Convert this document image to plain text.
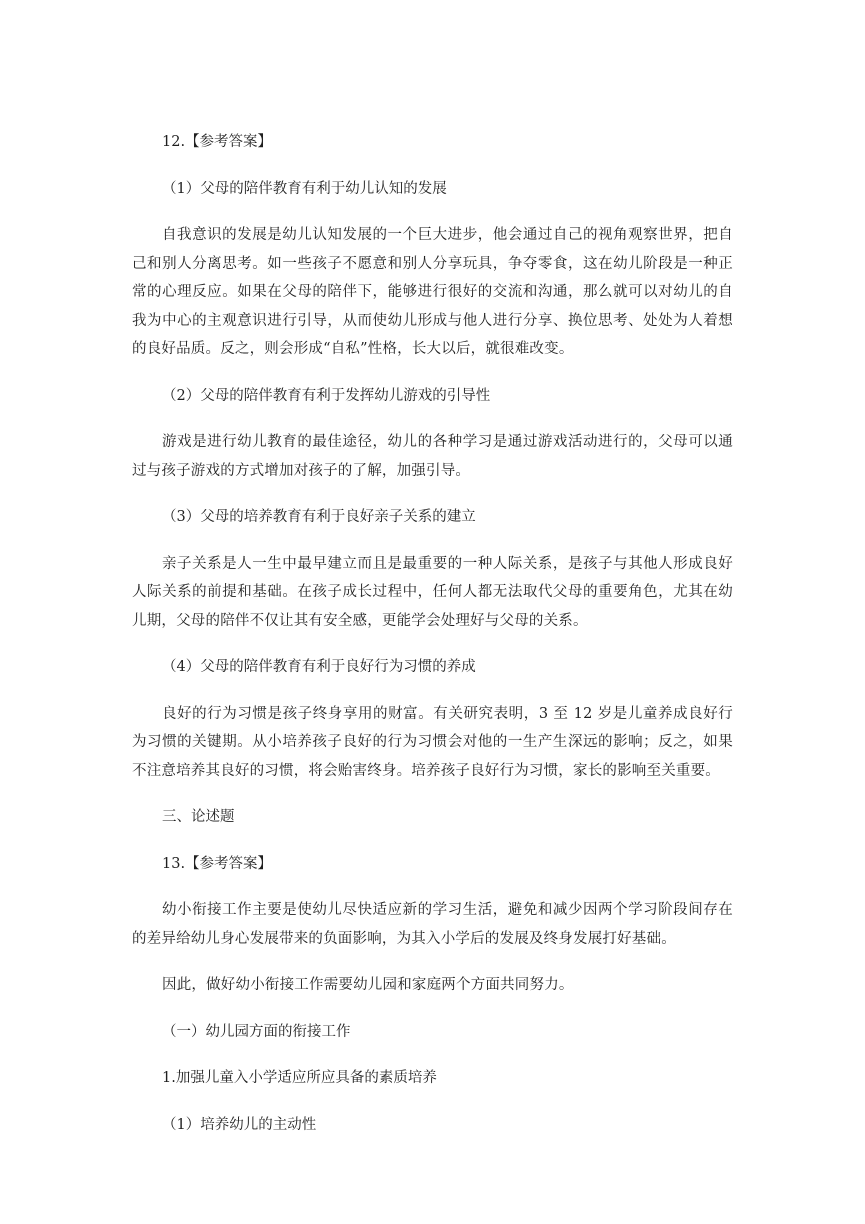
12.【参考答案】

（1）父母的陪伴教育有利于幼儿认知的发展

自我意识的发展是幼儿认知发展的一个巨大进步，他会通过自己的视角观察世界，把自己和别人分离思考。如一些孩子不愿意和别人分享玩具，争夺零食，这在幼儿阶段是一种正常的心理反应。如果在父母的陪伴下，能够进行很好的交流和沟通，那么就可以对幼儿的自我为中心的主观意识进行引导，从而使幼儿形成与他人进行分享、换位思考、处处为人着想的良好品质。反之，则会形成“自私”性格，长大以后，就很难改变。

（2）父母的陪伴教育有利于发挥幼儿游戏的引导性

游戏是进行幼儿教育的最佳途径，幼儿的各种学习是通过游戏活动进行的，父母可以通过与孩子游戏的方式增加对孩子的了解，加强引导。

（3）父母的培养教育有利于良好亲子关系的建立

亲子关系是人一生中最早建立而且是最重要的一种人际关系，是孩子与其他人形成良好人际关系的前提和基础。在孩子成长过程中，任何人都无法取代父母的重要角色，尤其在幼儿期，父母的陪伴不仅让其有安全感，更能学会处理好与父母的关系。

（4）父母的陪伴教育有利于良好行为习惯的养成

良好的行为习惯是孩子终身享用的财富。有关研究表明，3 至 12 岁是儿童养成良好行为习惯的关键期。从小培养孩子良好的行为习惯会对他的一生产生深远的影响；反之，如果不注意培养其良好的习惯，将会贻害终身。培养孩子良好行为习惯，家长的影响至关重要。

三、论述题

13.【参考答案】

幼小衔接工作主要是使幼儿尽快适应新的学习生活，避免和减少因两个学习阶段间存在的差异给幼儿身心发展带来的负面影响，为其入小学后的发展及终身发展打好基础。

因此，做好幼小衔接工作需要幼儿园和家庭两个方面共同努力。

（一）幼儿园方面的衔接工作

1.加强儿童入小学适应所应具备的素质培养

（1）培养幼儿的主动性
